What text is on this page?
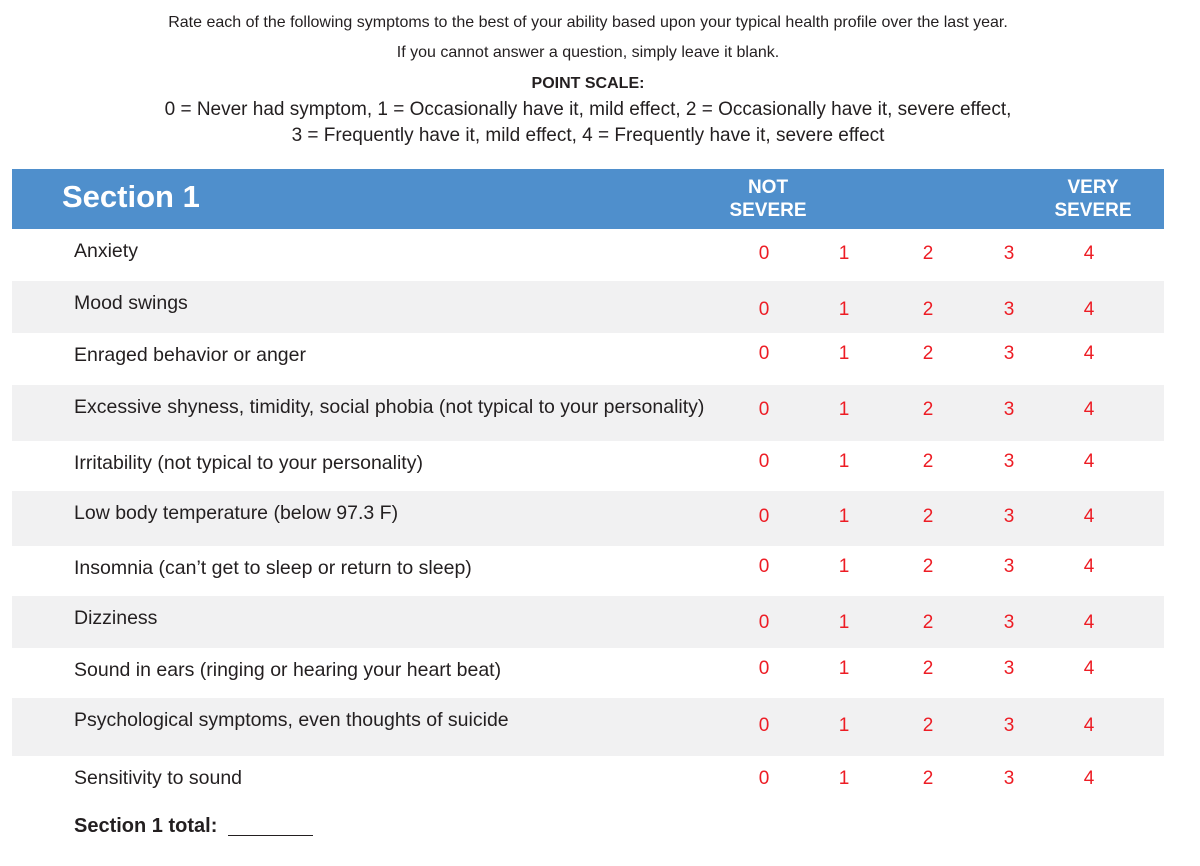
Rate each of the following symptoms to the best of your ability based upon your typical health profile over the last year.
If you cannot answer a question, simply leave it blank.
POINT SCALE:
0 = Never had symptom, 1 = Occasionally have it, mild effect, 2 = Occasionally have it, severe effect,
3 = Frequently have it, mild effect, 4 = Frequently have it, severe effect
Section 1	NOT
SEVERE
VERY
SEVERE
Anxiety	0	1	2	3	4
Mood swings	0	1	2	3	4
Enraged behavior or anger	0	1	2	3	4
Excessive shyness, timidity, social phobia (not typical to your personality)	0	1	2	3	4
Irritability (not typical to your personality)	0	1	2	3	4
Low body temperature (below 97.3 F)	0	1	2	3	4
Insomnia (can’t get to sleep or return to sleep)	0	1	2	3	4
Dizziness	0	1	2	3	4
Sound in ears (ringing or hearing your heart beat)	0	1	2	3	4
Psychological symptoms, even thoughts of suicide	0	1	2	3	4
Sensitivity to sound	0	1	2	3	4
Section 1 total:
